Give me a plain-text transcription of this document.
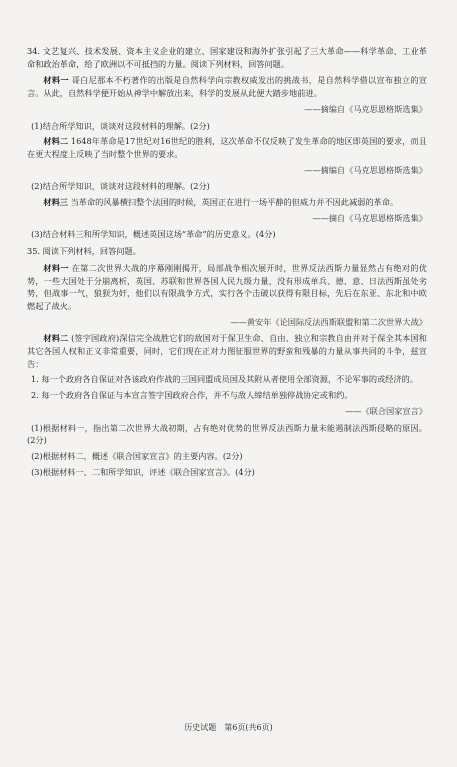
34. 文艺复兴、技术发展、资本主义企业的建立、国家建设和海外扩张引起了三大革命——科学革命、工业革命和政治革命，给了欧洲以不可抵挡的力量。阅读下列材料，回答问题。
材料一 哥白尼那本不朽著作的出版是自然科学向宗教权威发出的挑战书，是自然科学借以宣布独立的宣言。从此，自然科学便开始从神学中解放出来，科学的发展从此便大踏步地前进。
——摘编自《马克思恩格斯选集》
(1)结合所学知识，谈谈对这段材料的理解。(2分)
材料二 1648年革命是17世纪对16世纪的胜利，这次革命不仅反映了发生革命的地区即英国的要求，而且在更大程度上反映了当时整个世界的要求。
——摘编自《马克思恩格斯选集》
(2)结合所学知识，谈谈对这段材料的理解。(2分)
材料三 当革命的风暴横扫整个法国的时候，英国正在进行一场平静的但威力并不因此减弱的革命。
——摘自《马克思恩格斯选集》
(3)结合材料三和所学知识，概述英国这场“革命”的历史意义。(4分)
35. 阅读下列材料，回答问题。
材料一 在第二次世界大战的序幕刚刚揭开，局部战争相次展开时，世界反法西斯力量显然占有绝对的优势，一些大国处于分崩离析，英国、苏联和世界各国人民九级力量，没有形成单兵、德、意、日法西斯虽处劣势，但战事一气，狼狈为奸，他们以有限战争方式，实行各个击破以获得有限目标，先后在东亚、东北和中欧燃起了战火。
——黄安年《论国际反法西斯联盟和第二次世界大战》
材料二 (签字国政府)深信完全战胜它们的敌国对于保卫生命、自由、独立和宗教自由并对于保全其本国和其它各国人权和正义非常重要，同时，它们现在正对力图征服世界的野蛮和残暴的力量从事共同的斗争，兹宣告：
1. 每一个政府各自保证对各该政府作战的三国同盟成员国及其附从者使用全部资源，不论军事的或经济的。
2. 每一个政府各自保证与本宣言签字国政府合作，并不与敌人缔结单独停战协定或和约。
——《联合国家宣言》
(1)根据材料一，指出第二次世界大战初期，占有绝对优势的世界反法西斯力量未能遏制法西斯侵略的原因。(2分)
(2)根据材料二，概述《联合国家宣言》的主要内容。(2分)
(3)根据材料一、二和所学知识，评述《联合国家宣言》。(4分)
历史试题　第6页(共6页)
